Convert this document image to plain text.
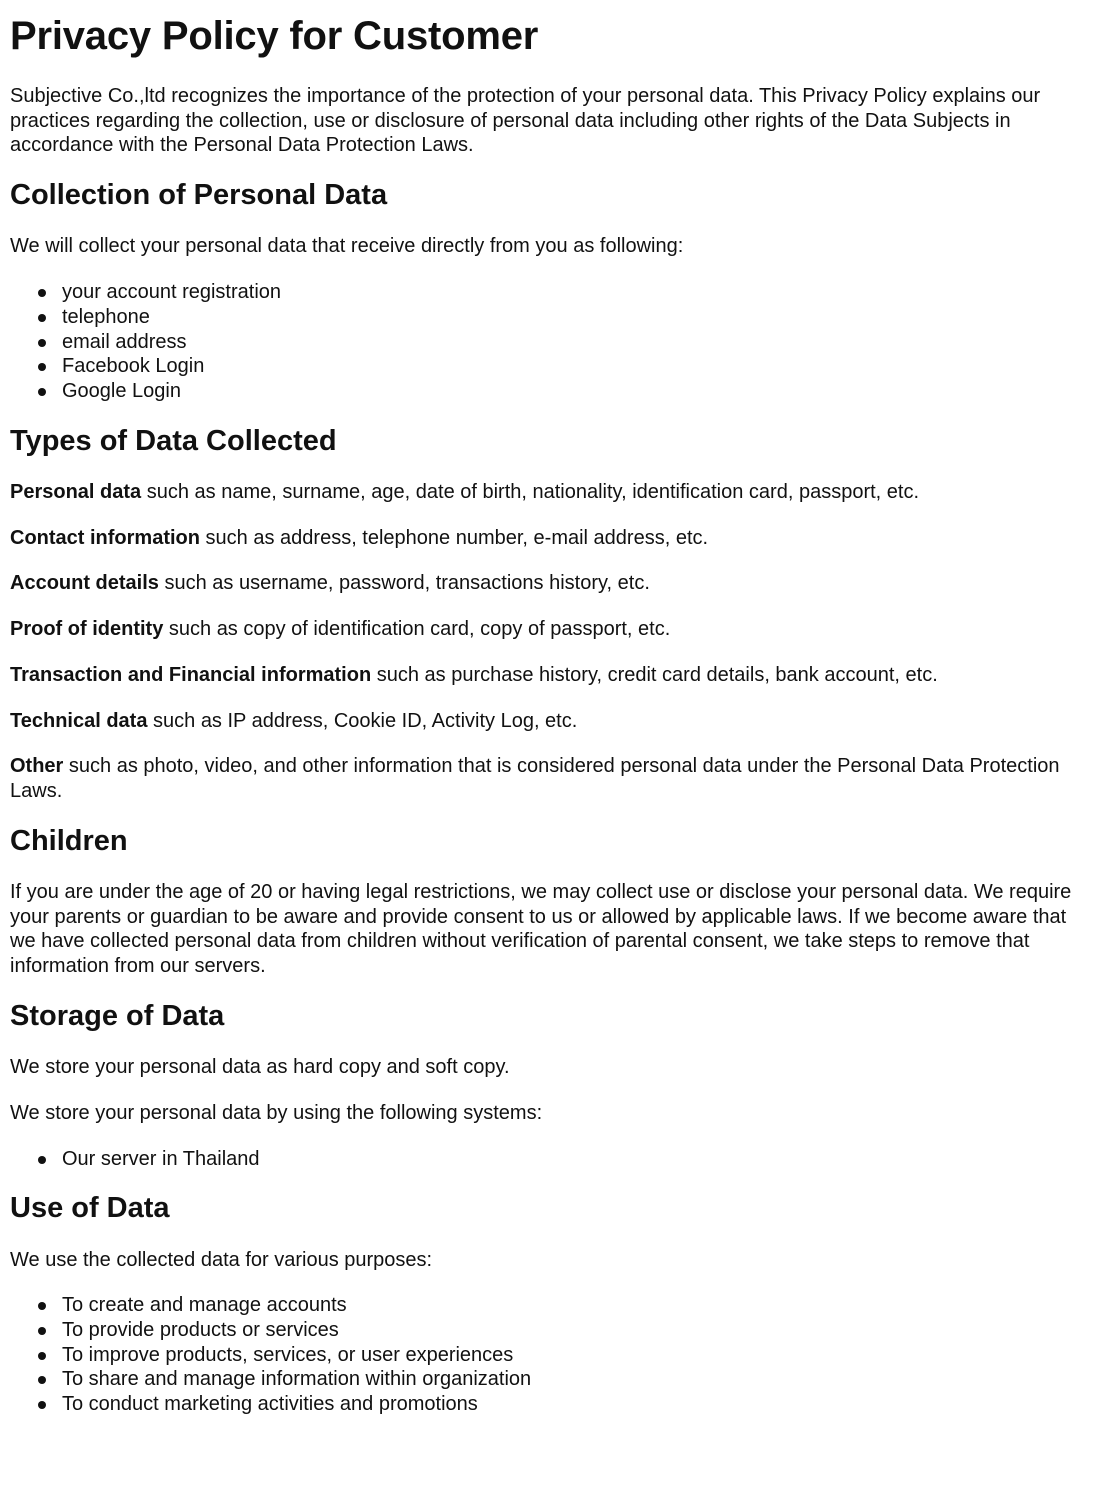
Privacy Policy for Customer

Subjective Co.,ltd recognizes the importance of the protection of your personal data. This Privacy Policy explains our practices regarding the collection, use or disclosure of personal data including other rights of the Data Subjects in accordance with the Personal Data Protection Laws.

Collection of Personal Data

We will collect your personal data that receive directly from you as following:

your account registration
telephone
email address
Facebook Login
Google Login
Types of Data Collected

Personal data such as name, surname, age, date of birth, nationality, identification card, passport, etc.

Contact information such as address, telephone number, e-mail address, etc.

Account details such as username, password, transactions history, etc.

Proof of identity such as copy of identification card, copy of passport, etc.

Transaction and Financial information such as purchase history, credit card details, bank account, etc.

Technical data such as IP address, Cookie ID, Activity Log, etc.

Other such as photo, video, and other information that is considered personal data under the Personal Data Protection Laws.

Children

If you are under the age of 20 or having legal restrictions, we may collect use or disclose your personal data. We require your parents or guardian to be aware and provide consent to us or allowed by applicable laws. If we become aware that we have collected personal data from children without verification of parental consent, we take steps to remove that information from our servers.

Storage of Data

We store your personal data as hard copy and soft copy.

We store your personal data by using the following systems:

Our server in Thailand
Use of Data

We use the collected data for various purposes:

To create and manage accounts
To provide products or services
To improve products, services, or user experiences
To share and manage information within organization
To conduct marketing activities and promotions
